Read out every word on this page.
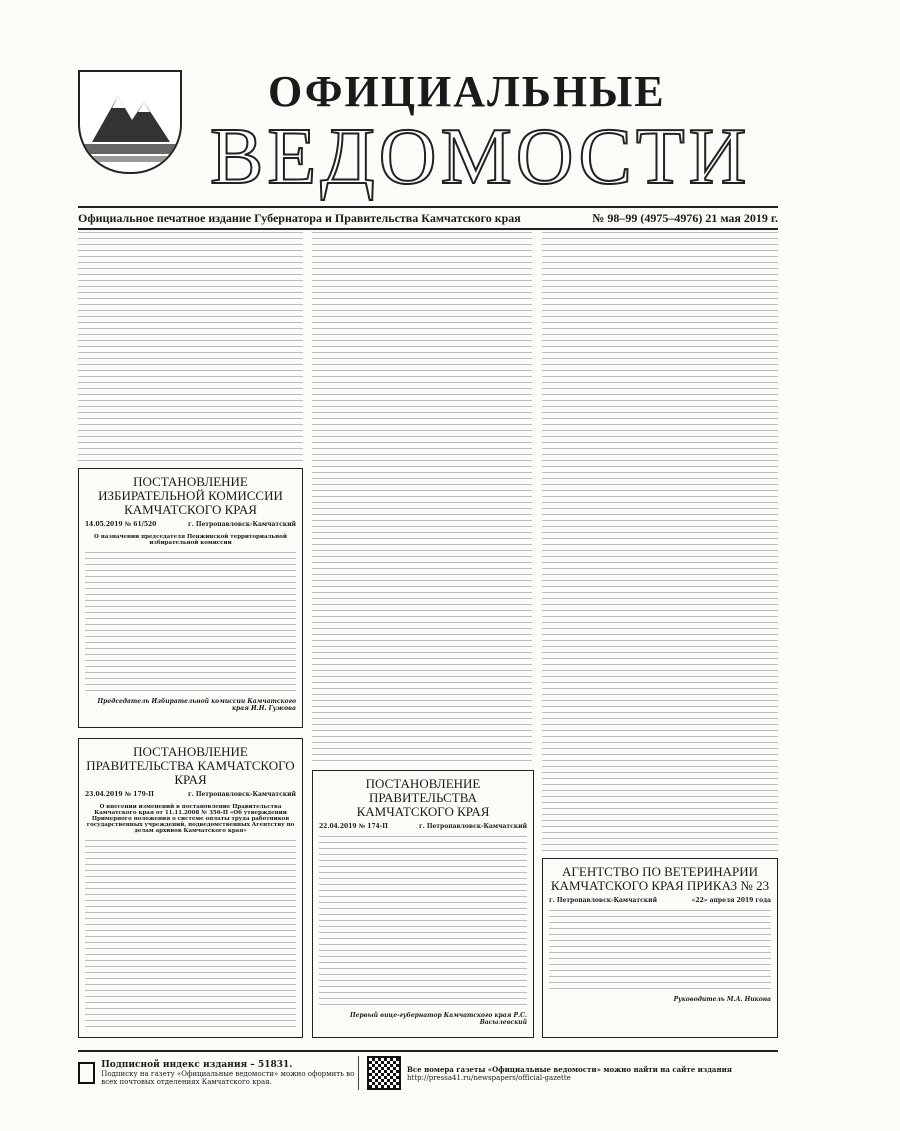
ОФИЦИАЛЬНЫЕ
ВЕДОМОСТИ
Официальное печатное издание Губернатора и Правительства Камчатского края	№ 98–99 (4975–4976) 21 мая 2019 г.
ПОСТАНОВЛЕНИЕ ИЗБИРАТЕЛЬНОЙ КОМИССИИ КАМЧАТСКОГО КРАЯ
14.05.2019 № 61/520	г. Петропавловск-Камчатский
О назначении председателя Пенжинской территориальной избирательной комиссии
Председатель Избирательной комиссии Камчатского края И.Н. Гужова
ПОСТАНОВЛЕНИЕ ПРАВИТЕЛЬСТВА КАМЧАТСКОГО КРАЯ
23.04.2019 № 179-П	г. Петропавловск-Камчатский
О внесении изменений в постановление Правительства Камчатского края от 11.11.2008 № 356-П «Об утверждении Примерного положения о системе оплаты труда работников государственных учреждений, подведомственных Агентству по делам архивов Камчатского края»
ПОСТАНОВЛЕНИЕ ПРАВИТЕЛЬСТВА КАМЧАТСКОГО КРАЯ
22.04.2019 № 174-П	г. Петропавловск-Камчатский
Первый вице-губернатор Камчатского края Р.С. Васылевский
АГЕНТСТВО ПО ВЕТЕРИНАРИИ КАМЧАТСКОГО КРАЯ ПРИКАЗ № 23
г. Петропавловск-Камчатский	«22» апреля 2019 года
Руководитель М.А. Никона
Подписной индекс издания – 51831.
Подписку на газету «Официальные ведомости» можно оформить во всех почтовых отделениях Камчатского края.
Все номера газеты «Официальные ведомости» можно найти на сайте издания
http://pressa41.ru/newspapers/official-gazette
